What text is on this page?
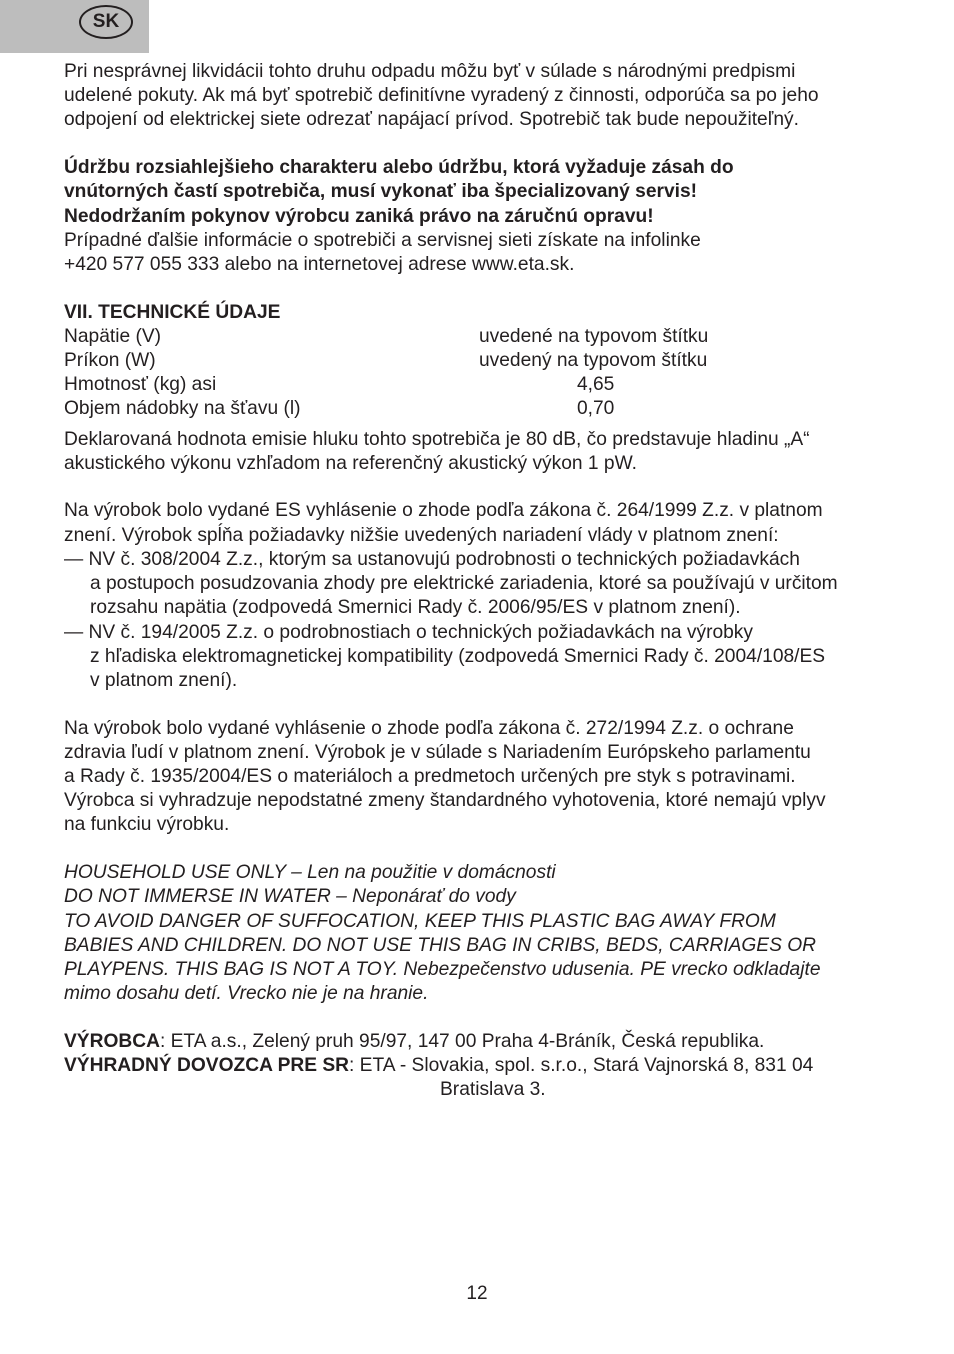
SK

Pri nesprávnej likvidácii tohto druhu odpadu môžu byť v súlade s národnými predpismi

udelené pokuty. Ak má byť spotrebič definitívne vyradený z činnosti, odporúča sa po jeho

odpojení od elektrickej siete odrezať napájací prívod. Spotrebič tak bude nepoužiteľný.

Údržbu rozsiahlejšieho charakteru alebo údržbu, ktorá vyžaduje zásah do

vnútorných častí spotrebiča, musí vykonať iba špecializovaný servis!

Nedodržaním pokynov výrobcu zaniká právo na záručnú opravu!

Prípadné ďalšie informácie o spotrebiči a servisnej sieti získate na infolinke

+420 577 055 333 alebo na internetovej adrese www.eta.sk.

VII. TECHNICKÉ ÚDAJE

Napätie (V)	uvedené na typovom štítku
Príkon (W)	uvedený na typovom štítku
Hmotnosť (kg) asi	4,65
Objem nádobky na šťavu (l)	0,70

Deklarovaná hodnota emisie hluku tohto spotrebiča je 80 dB, čo predstavuje hladinu „A“

akustického výkonu vzhľadom na referenčný akustický výkon 1 pW.

Na výrobok bolo vydané ES vyhlásenie o zhode podľa zákona č. 264/1999 Z.z. v platnom

znení. Výrobok spĺňa požiadavky nižšie uvedených nariadení vlády v platnom znení:

— NV č. 308/2004 Z.z., ktorým sa ustanovujú podrobnosti o technických požiadavkách

a postupoch posudzovania zhody pre elektrické zariadenia, ktoré sa používajú v určitom

rozsahu napätia (zodpovedá Smernici Rady č. 2006/95/ES v platnom znení).

— NV č. 194/2005 Z.z. o podrobnostiach o technických požiadavkách na výrobky

z hľadiska elektromagnetickej kompatibility (zodpovedá Smernici Rady č. 2004/108/ES

v platnom znení).

Na výrobok bolo vydané vyhlásenie o zhode podľa zákona č. 272/1994 Z.z. o ochrane

zdravia ľudí v platnom znení. Výrobok je v súlade s Nariadením Európskeho parlamentu

a Rady č. 1935/2004/ES o materiáloch a predmetoch určených pre styk s potravinami.

Výrobca si vyhradzuje nepodstatné zmeny štandardného vyhotovenia, ktoré nemajú vplyv

na funkciu výrobku.

HOUSEHOLD USE ONLY – Len na použitie v domácnosti

DO NOT IMMERSE IN WATER – Neponárať do vody

TO AVOID DANGER OF SUFFOCATION, KEEP THIS PLASTIC BAG AWAY FROM

BABIES AND CHILDREN. DO NOT USE THIS BAG IN CRIBS, BEDS, CARRIAGES OR

PLAYPENS. THIS BAG IS NOT A TOY. Nebezpečenstvo udusenia. PE vrecko odkladajte

mimo dosahu detí. Vrecko nie je na hranie.

VÝROBCA: ETA a.s., Zelený pruh 95/97, 147 00 Praha 4-Bráník, Česká republika.

VÝHRADNÝ DOVOZCA PRE SR: ETA - Slovakia, spol. s.r.o., Stará Vajnorská 8, 831 04

Bratislava 3.

12
